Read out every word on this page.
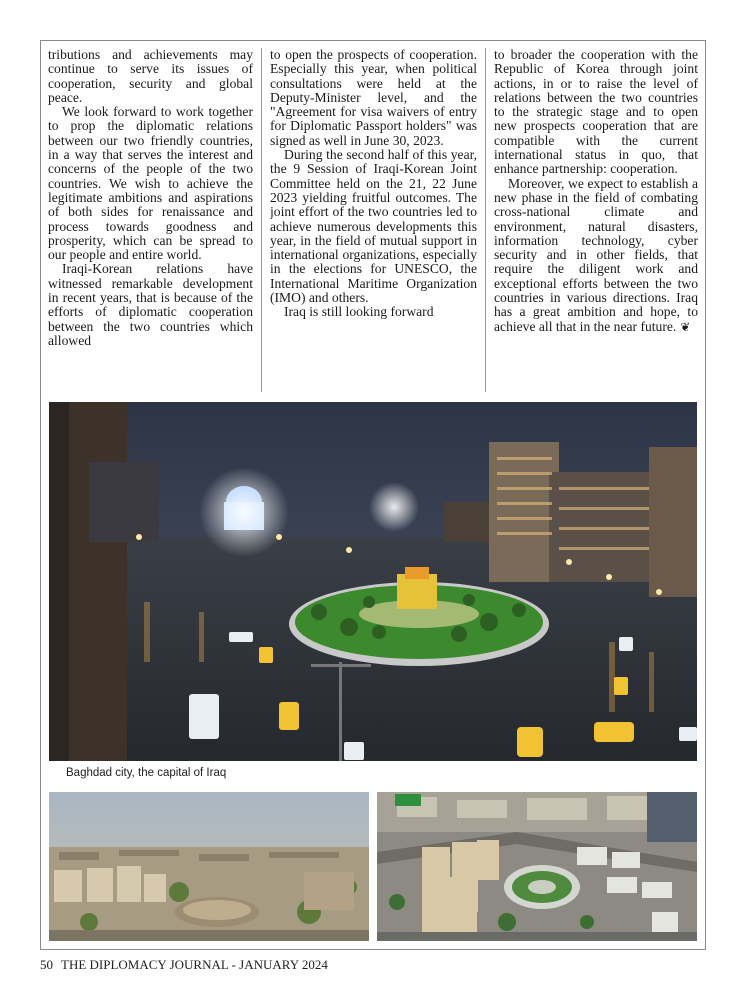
tributions and achievements may continue to serve its issues of cooperation, security and global peace.

We look forward to work together to prop the diplomatic relations between our two friendly countries, in a way that serves the interest and concerns of the people of the two countries. We wish to achieve the legitimate ambitions and aspirations of both sides for renaissance and process towards goodness and prosperity, which can be spread to our people and entire world.

Iraqi-Korean relations have witnessed remarkable development in recent years, that is because of the efforts of diplomatic cooperation between the two countries which allowed

to open the prospects of cooperation. Especially this year, when political consultations were held at the Deputy-Minister level, and the "Agreement for visa waivers of entry for Diplomatic Passport holders" was signed as well in June 30, 2023.

During the second half of this year, the 9 Session of Iraqi-Korean Joint Committee held on the 21, 22 June 2023 yielding fruitful outcomes. The joint effort of the two countries led to achieve numerous developments this year, in the field of mutual support in international organizations, especially in the elections for UNESCO, the International Maritime Organization (IMO) and others.

Iraq is still looking forward

to broader the cooperation with the Republic of Korea through joint actions, in or to raise the level of relations between the two countries to the strategic stage and to open new prospects cooperation that are compatible with the current international status in quo, that enhance partnership: cooperation.

Moreover, we expect to establish a new phase in the field of combating cross-national climate and environment, natural disasters, information technology, cyber security and in other fields, that require the diligent work and exceptional efforts between the two countries in various directions. Iraq has a great ambition and hope, to achieve all that in the near future. ❦

Baghdad city, the capital of Iraq
50 THE DIPLOMACY JOURNAL - JANUARY 2024
